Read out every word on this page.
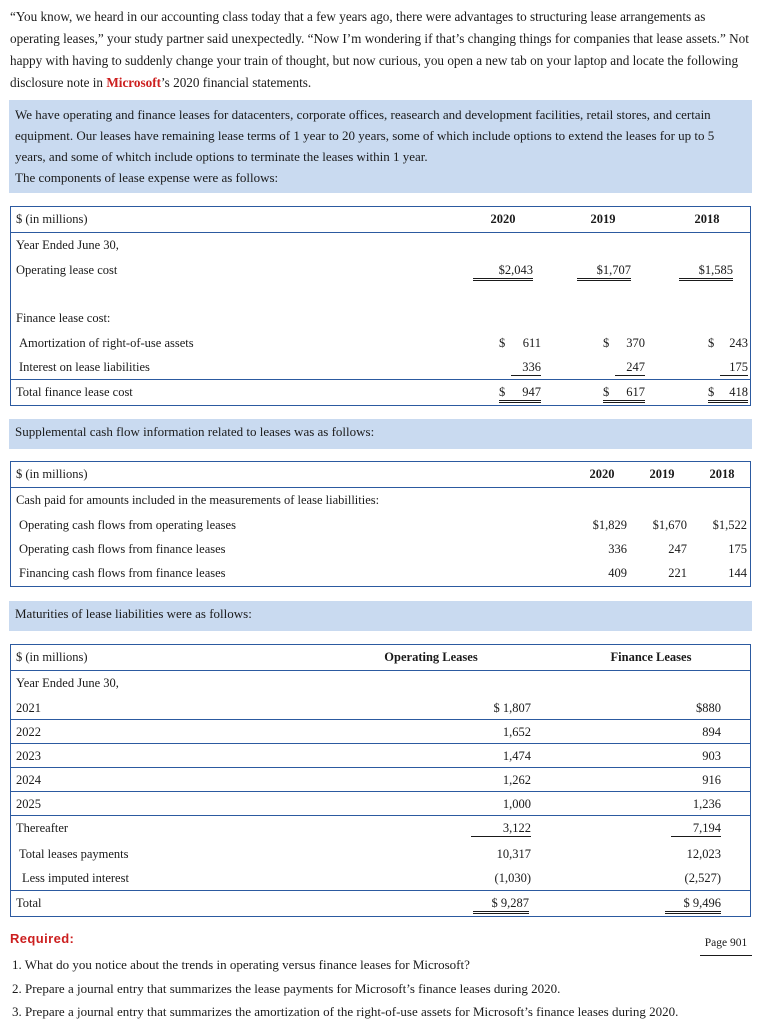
“You know, we heard in our accounting class today that a few years ago, there were advantages to structuring lease arrangements as operating leases,” your study partner said unexpectedly. “Now I’m wondering if that’s changing things for companies that lease assets.” Not happy with having to suddenly change your train of thought, but now curious, you open a new tab on your laptop and locate the following disclosure note in Microsoft’s 2020 financial statements.
We have operating and finance leases for datacenters, corporate offices, reasearch and development facilities, retail stores, and certain equipment. Our leases have remaining lease terms of 1 year to 20 years, some of which include options to extend the leases for up to 5 years, and some of whitch include options to terminate the leases within 1 year.
The components of lease expense were as follows:
$ (in millions)	2020	2019	2018
Year Ended June 30,
Operating lease cost	$2,043	$1,707	$1,585
Finance lease cost:
Amortization of right-of-use assets	$	611	$	370	$	243
Interest on lease liabilities	336	247	175
Total finance lease cost	$ 947	$ 617	$ 418
Supplemental cash flow information related to leases was as follows:
$ (in millions)	2020	2019	2018
Cash paid for amounts included in the measurements of lease liabillities:
Operating cash flows from operating leases	$1,829	$1,670	$1,522
Operating cash flows from finance leases	336	247	175
Financing cash flows from finance leases	409	221	144
Maturities of lease liabilities were as follows:
$ (in millions)	Operating Leases	Finance Leases
Year Ended June 30,
2021	$ 1,807	$880
2022	1,652	894
2023	1,474	903
2024	1,262	916
2025	1,000	1,236
Thereafter	3,122	7,194
Total leases payments	10,317	12,023
Less imputed interest	(1,030)	(2,527)
Total	$ 9,287	$ 9,496
Required:	Page 901
1. What do you notice about the trends in operating versus finance leases for Microsoft?
2. Prepare a journal entry that summarizes the lease payments for Microsoft’s finance leases during 2020.
3. Prepare a journal entry that summarizes the amortization of the right-of-use assets for Microsoft’s finance leases during 2020.
